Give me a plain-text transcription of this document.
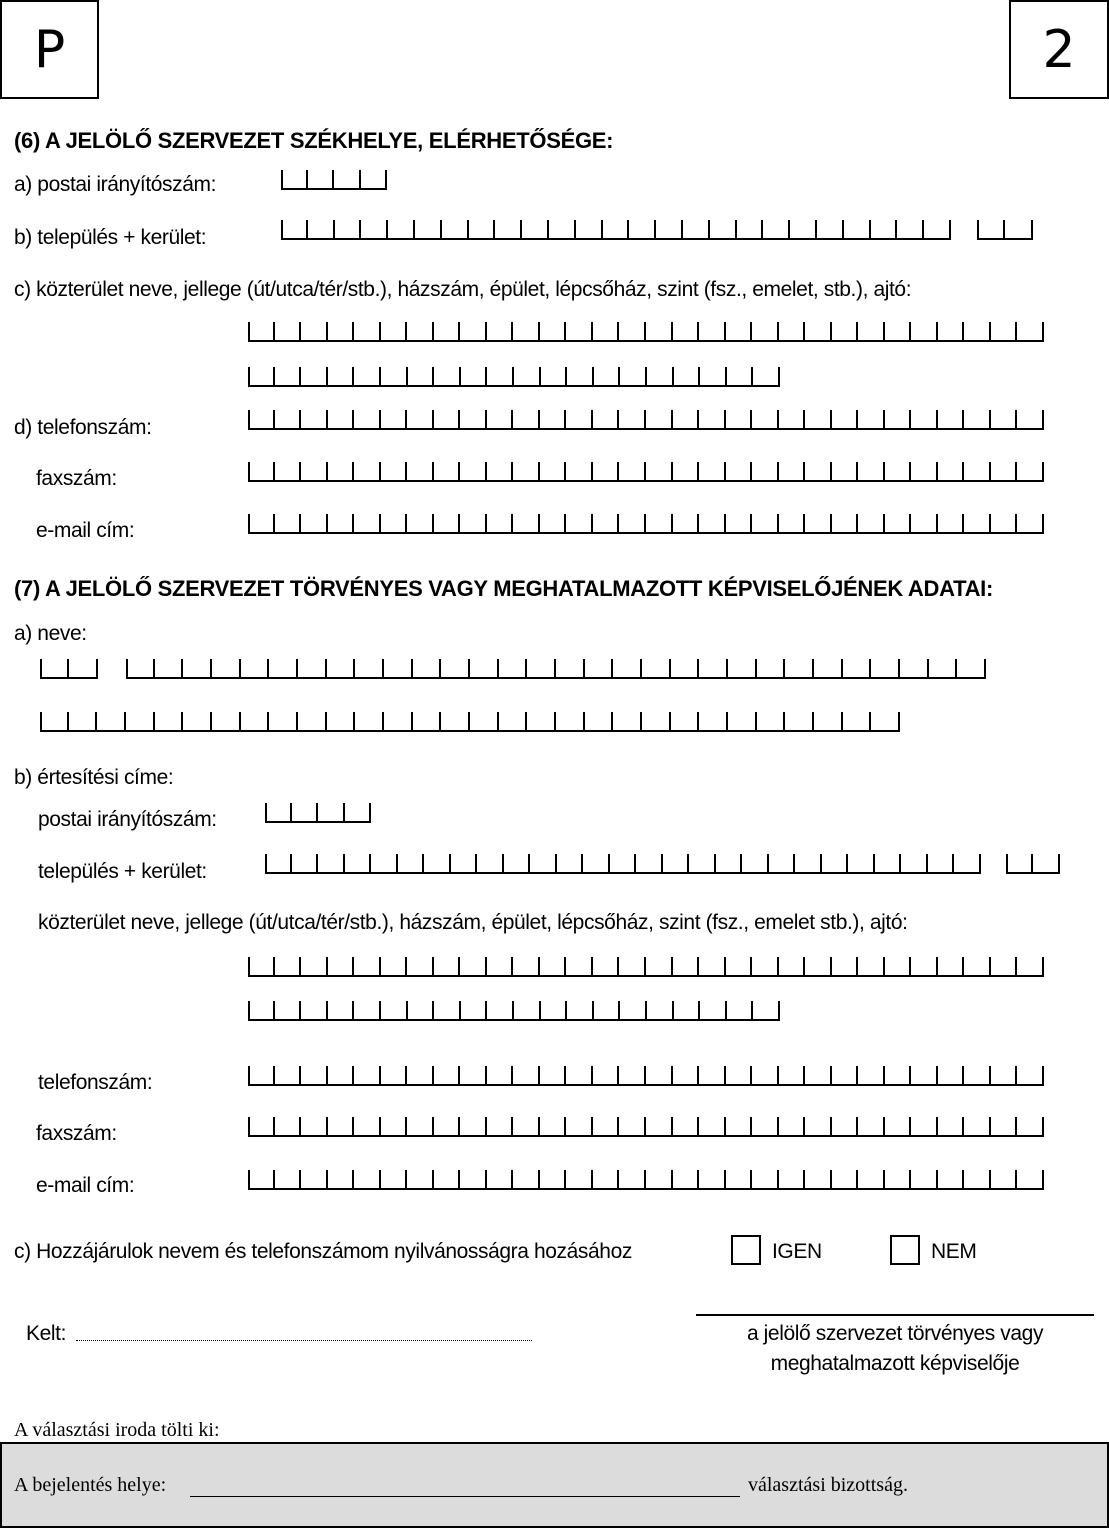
P	2
(6) A JELÖLŐ SZERVEZET SZÉKHELYE, ELÉRHETŐSÉGE:
a) postai irányítószám:
b) település + kerület:
c) közterület neve, jellege (út/utca/tér/stb.), házszám, épület, lépcsőház, szint (fsz., emelet, stb.), ajtó:
d) telefonszám:
faxszám:
e-mail cím:
(7) A JELÖLŐ SZERVEZET TÖRVÉNYES VAGY MEGHATALMAZOTT KÉPVISELŐJÉNEK ADATAI:
a) neve:
b) értesítési címe:
postai irányítószám:
település + kerület:
közterület neve, jellege (út/utca/tér/stb.), házszám, épület, lépcsőház, szint (fsz., emelet stb.), ajtó:
telefonszám:
faxszám:
e-mail cím:
c) Hozzájárulok nevem és telefonszámom nyilvánosságra hozásához	IGEN	NEM
Kelt:	a jelölő szervezet törvényes vagy
meghatalmazott képviselője
A választási iroda tölti ki:
A bejelentés helye:	választási bizottság.
